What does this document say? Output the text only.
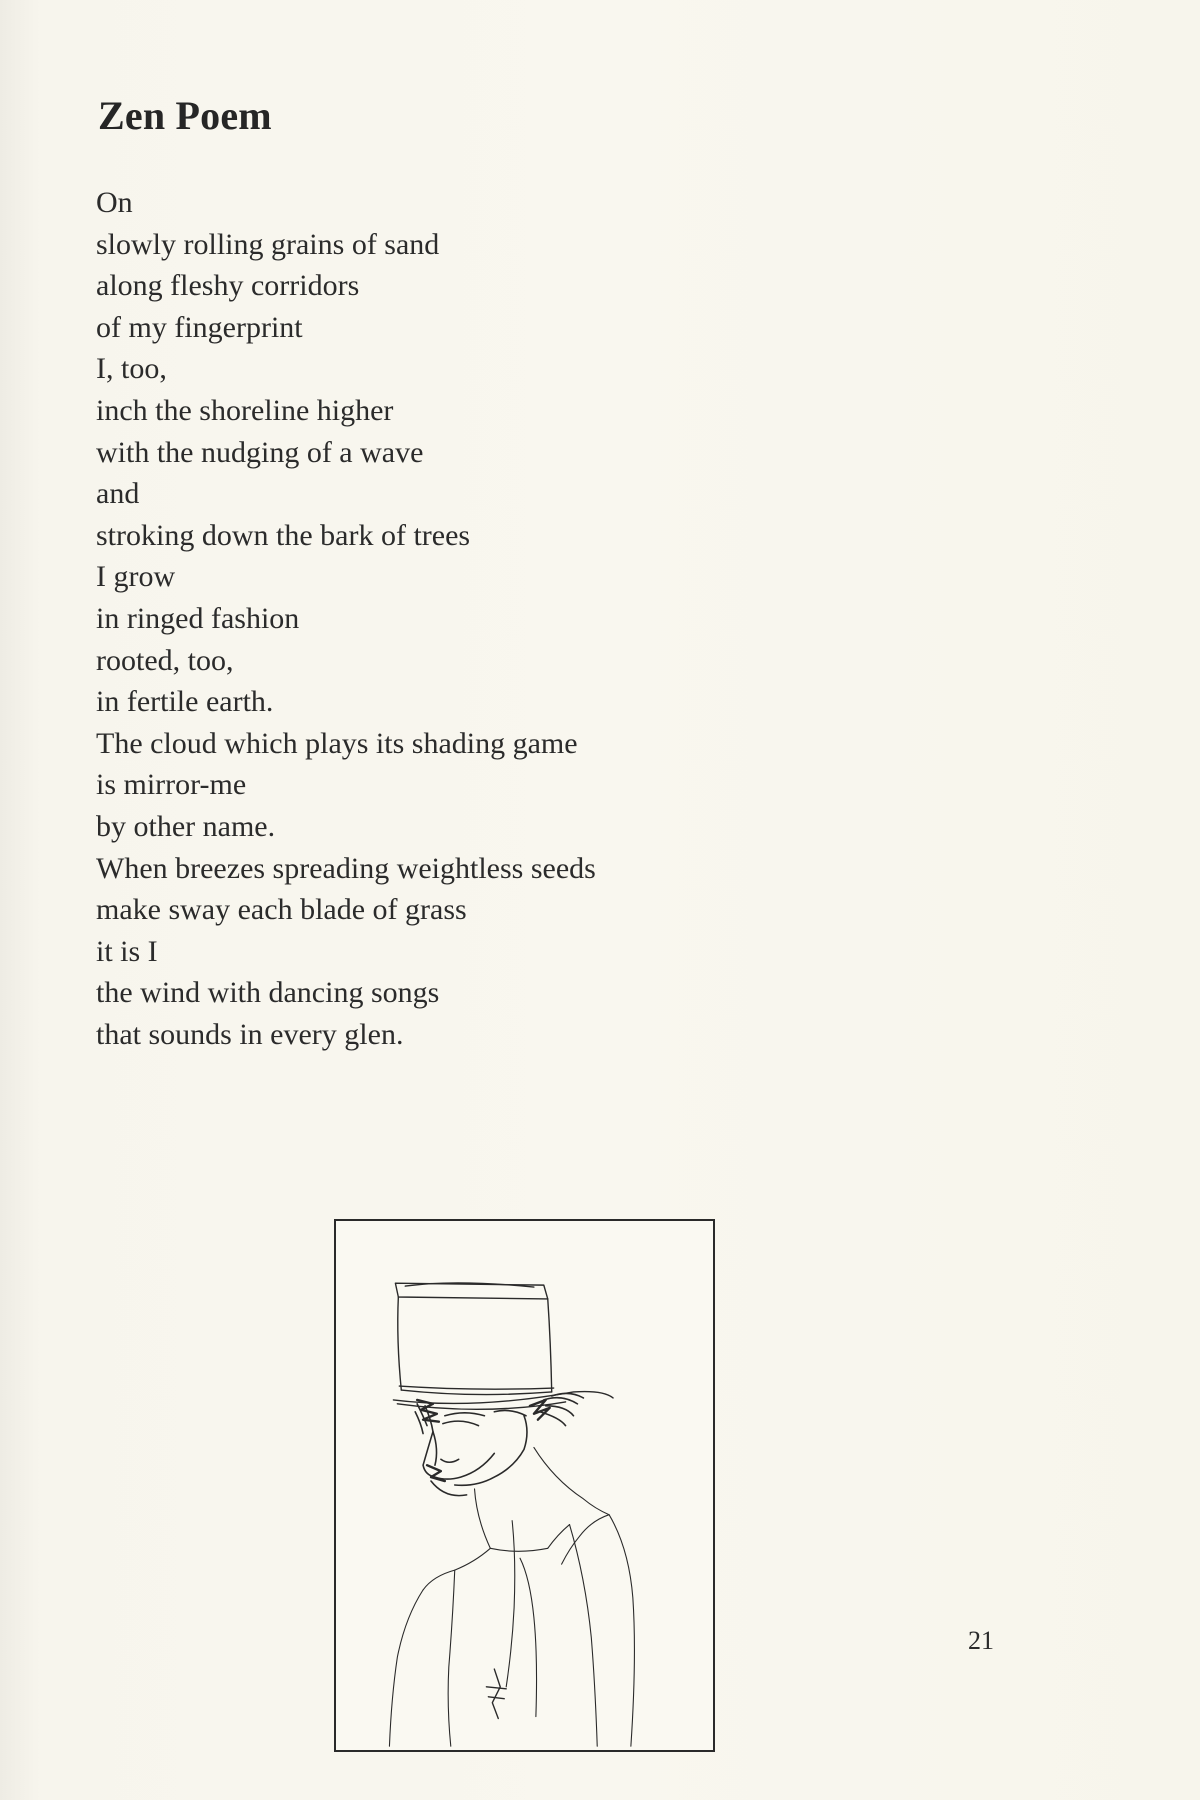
Zen Poem
On
slowly rolling grains of sand
along fleshy corridors
of my fingerprint
I, too,
inch the shoreline higher
with the nudging of a wave
and
stroking down the bark of trees
I grow
in ringed fashion
rooted, too,
in fertile earth.
The cloud which plays its shading game
is mirror-me
by other name.
When breezes spreading weightless seeds
make sway each blade of grass
it is I
the wind with dancing songs
that sounds in every glen.
21
